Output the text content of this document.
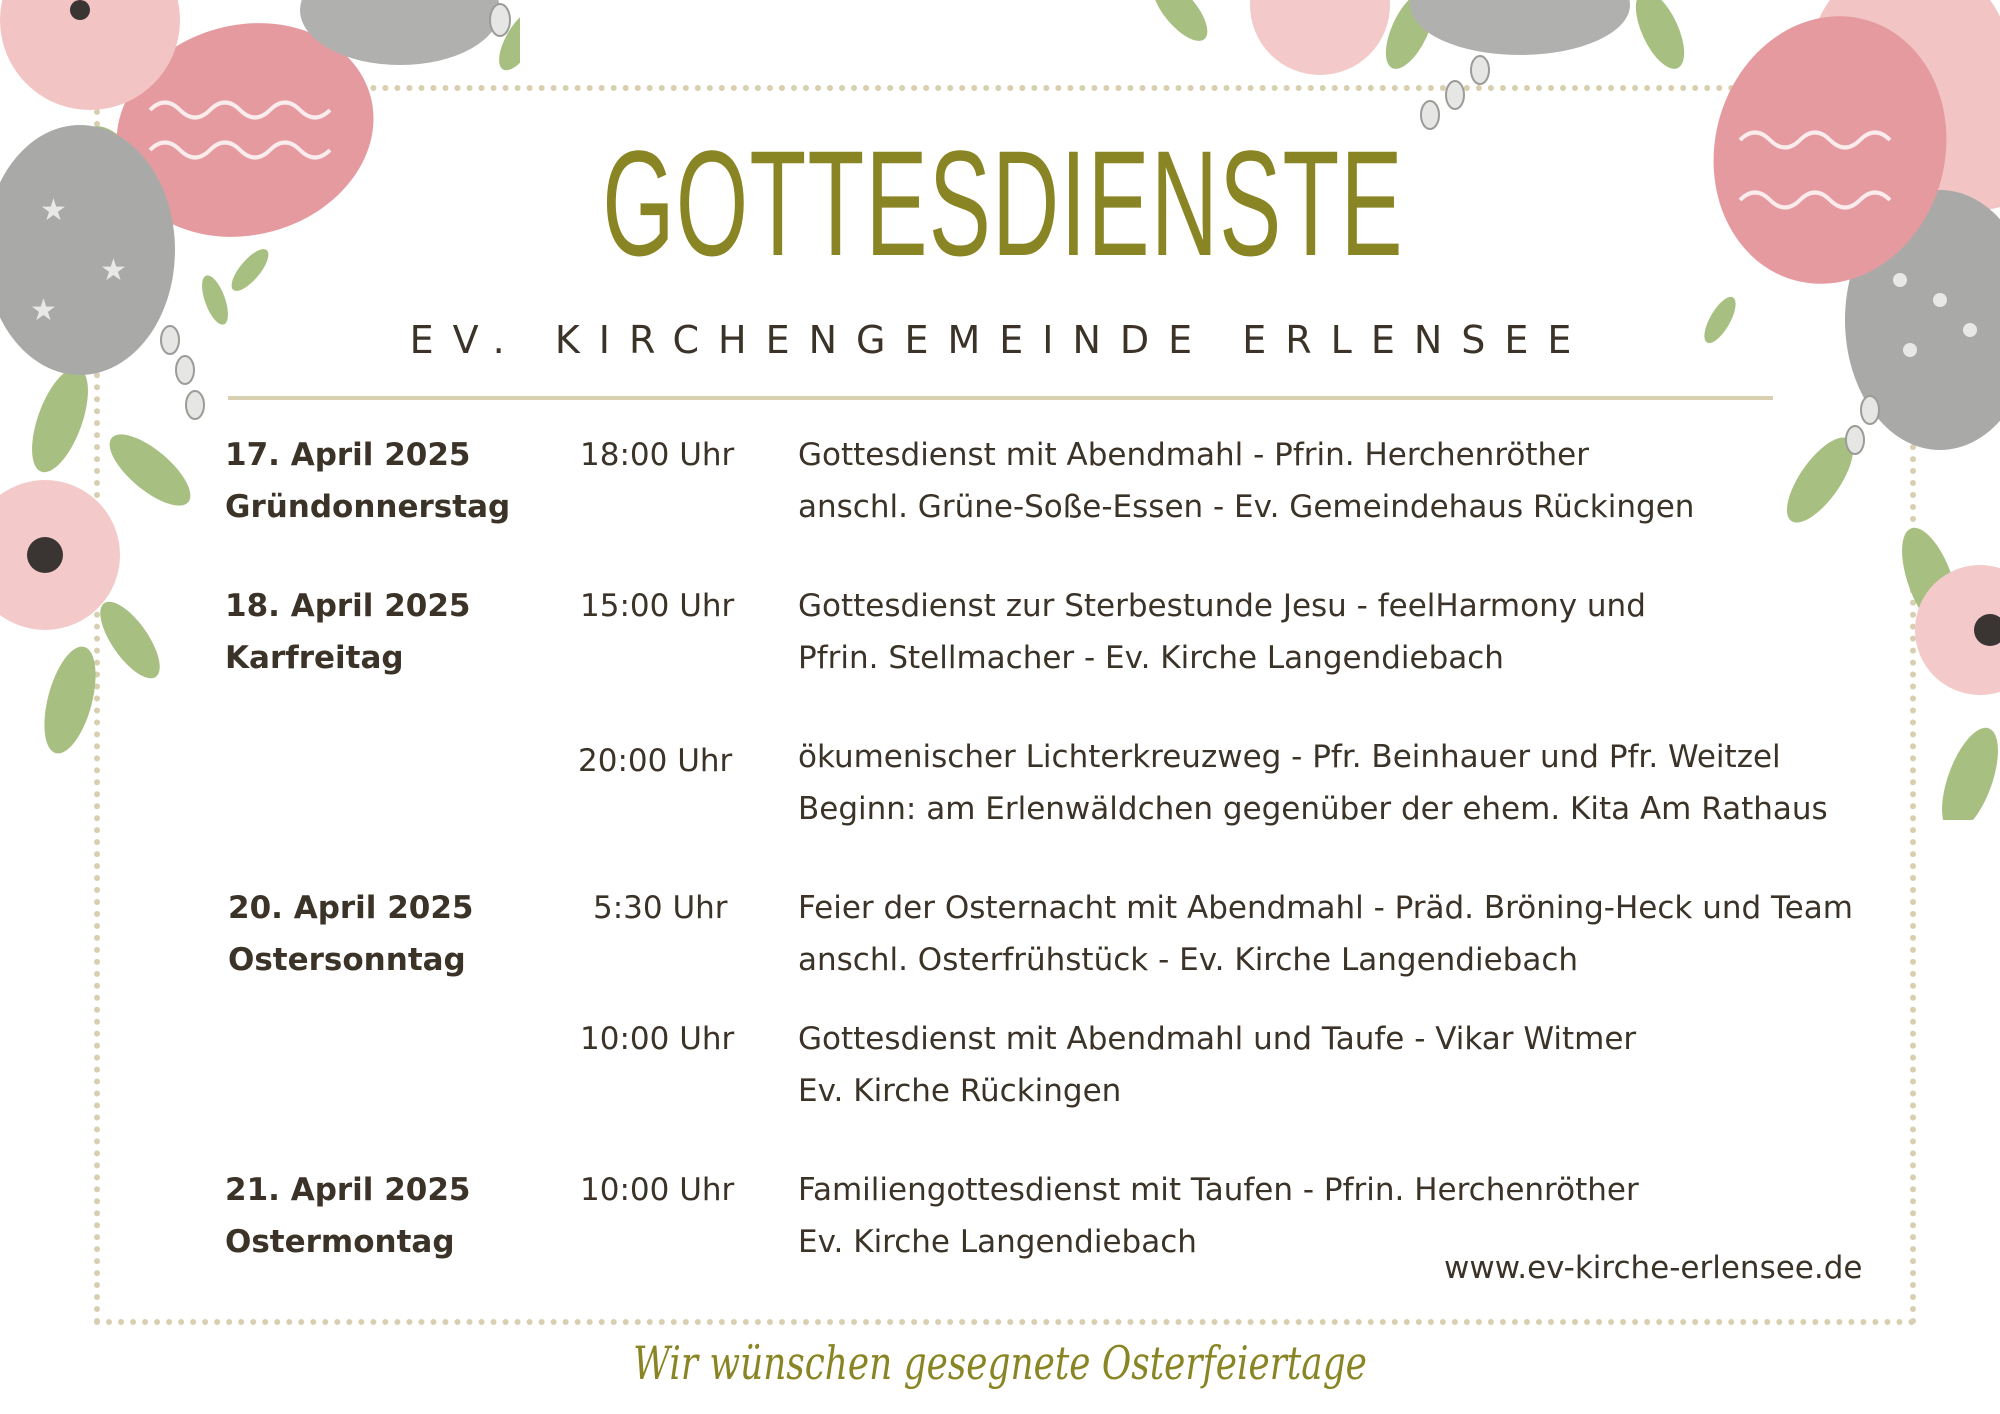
★
★
★
GOTTESDIENSTE
EV. KIRCHENGEMEINDE ERLENSEE
17. April 2025
Gründonnerstag
18:00 Uhr Gottesdienst mit Abendmahl - Pfrin. Herchenröther
anschl. Grüne-Soße-Essen - Ev. Gemeindehaus Rückingen
18. April 2025
Karfreitag
15:00 Uhr Gottesdienst zur Sterbestunde Jesu - feelHarmony und
Pfrin. Stellmacher - Ev. Kirche Langendiebach
20:00 Uhr ökumenischer Lichterkreuzweg - Pfr. Beinhauer und Pfr. Weitzel
Beginn: am Erlenwäldchen gegenüber der ehem. Kita Am Rathaus
20. April 2025
Ostersonntag
5:30 Uhr Feier der Osternacht mit Abendmahl - Präd. Bröning-Heck und Team
anschl. Osterfrühstück - Ev. Kirche Langendiebach
10:00 Uhr Gottesdienst mit Abendmahl und Taufe - Vikar Witmer
Ev. Kirche Rückingen
21. April 2025
Ostermontag
10:00 Uhr Familiengottesdienst mit Taufen - Pfrin. Herchenröther
Ev. Kirche Langendiebach
www.ev-kirche-erlensee.de
Wir wünschen gesegnete Osterfeiertage
